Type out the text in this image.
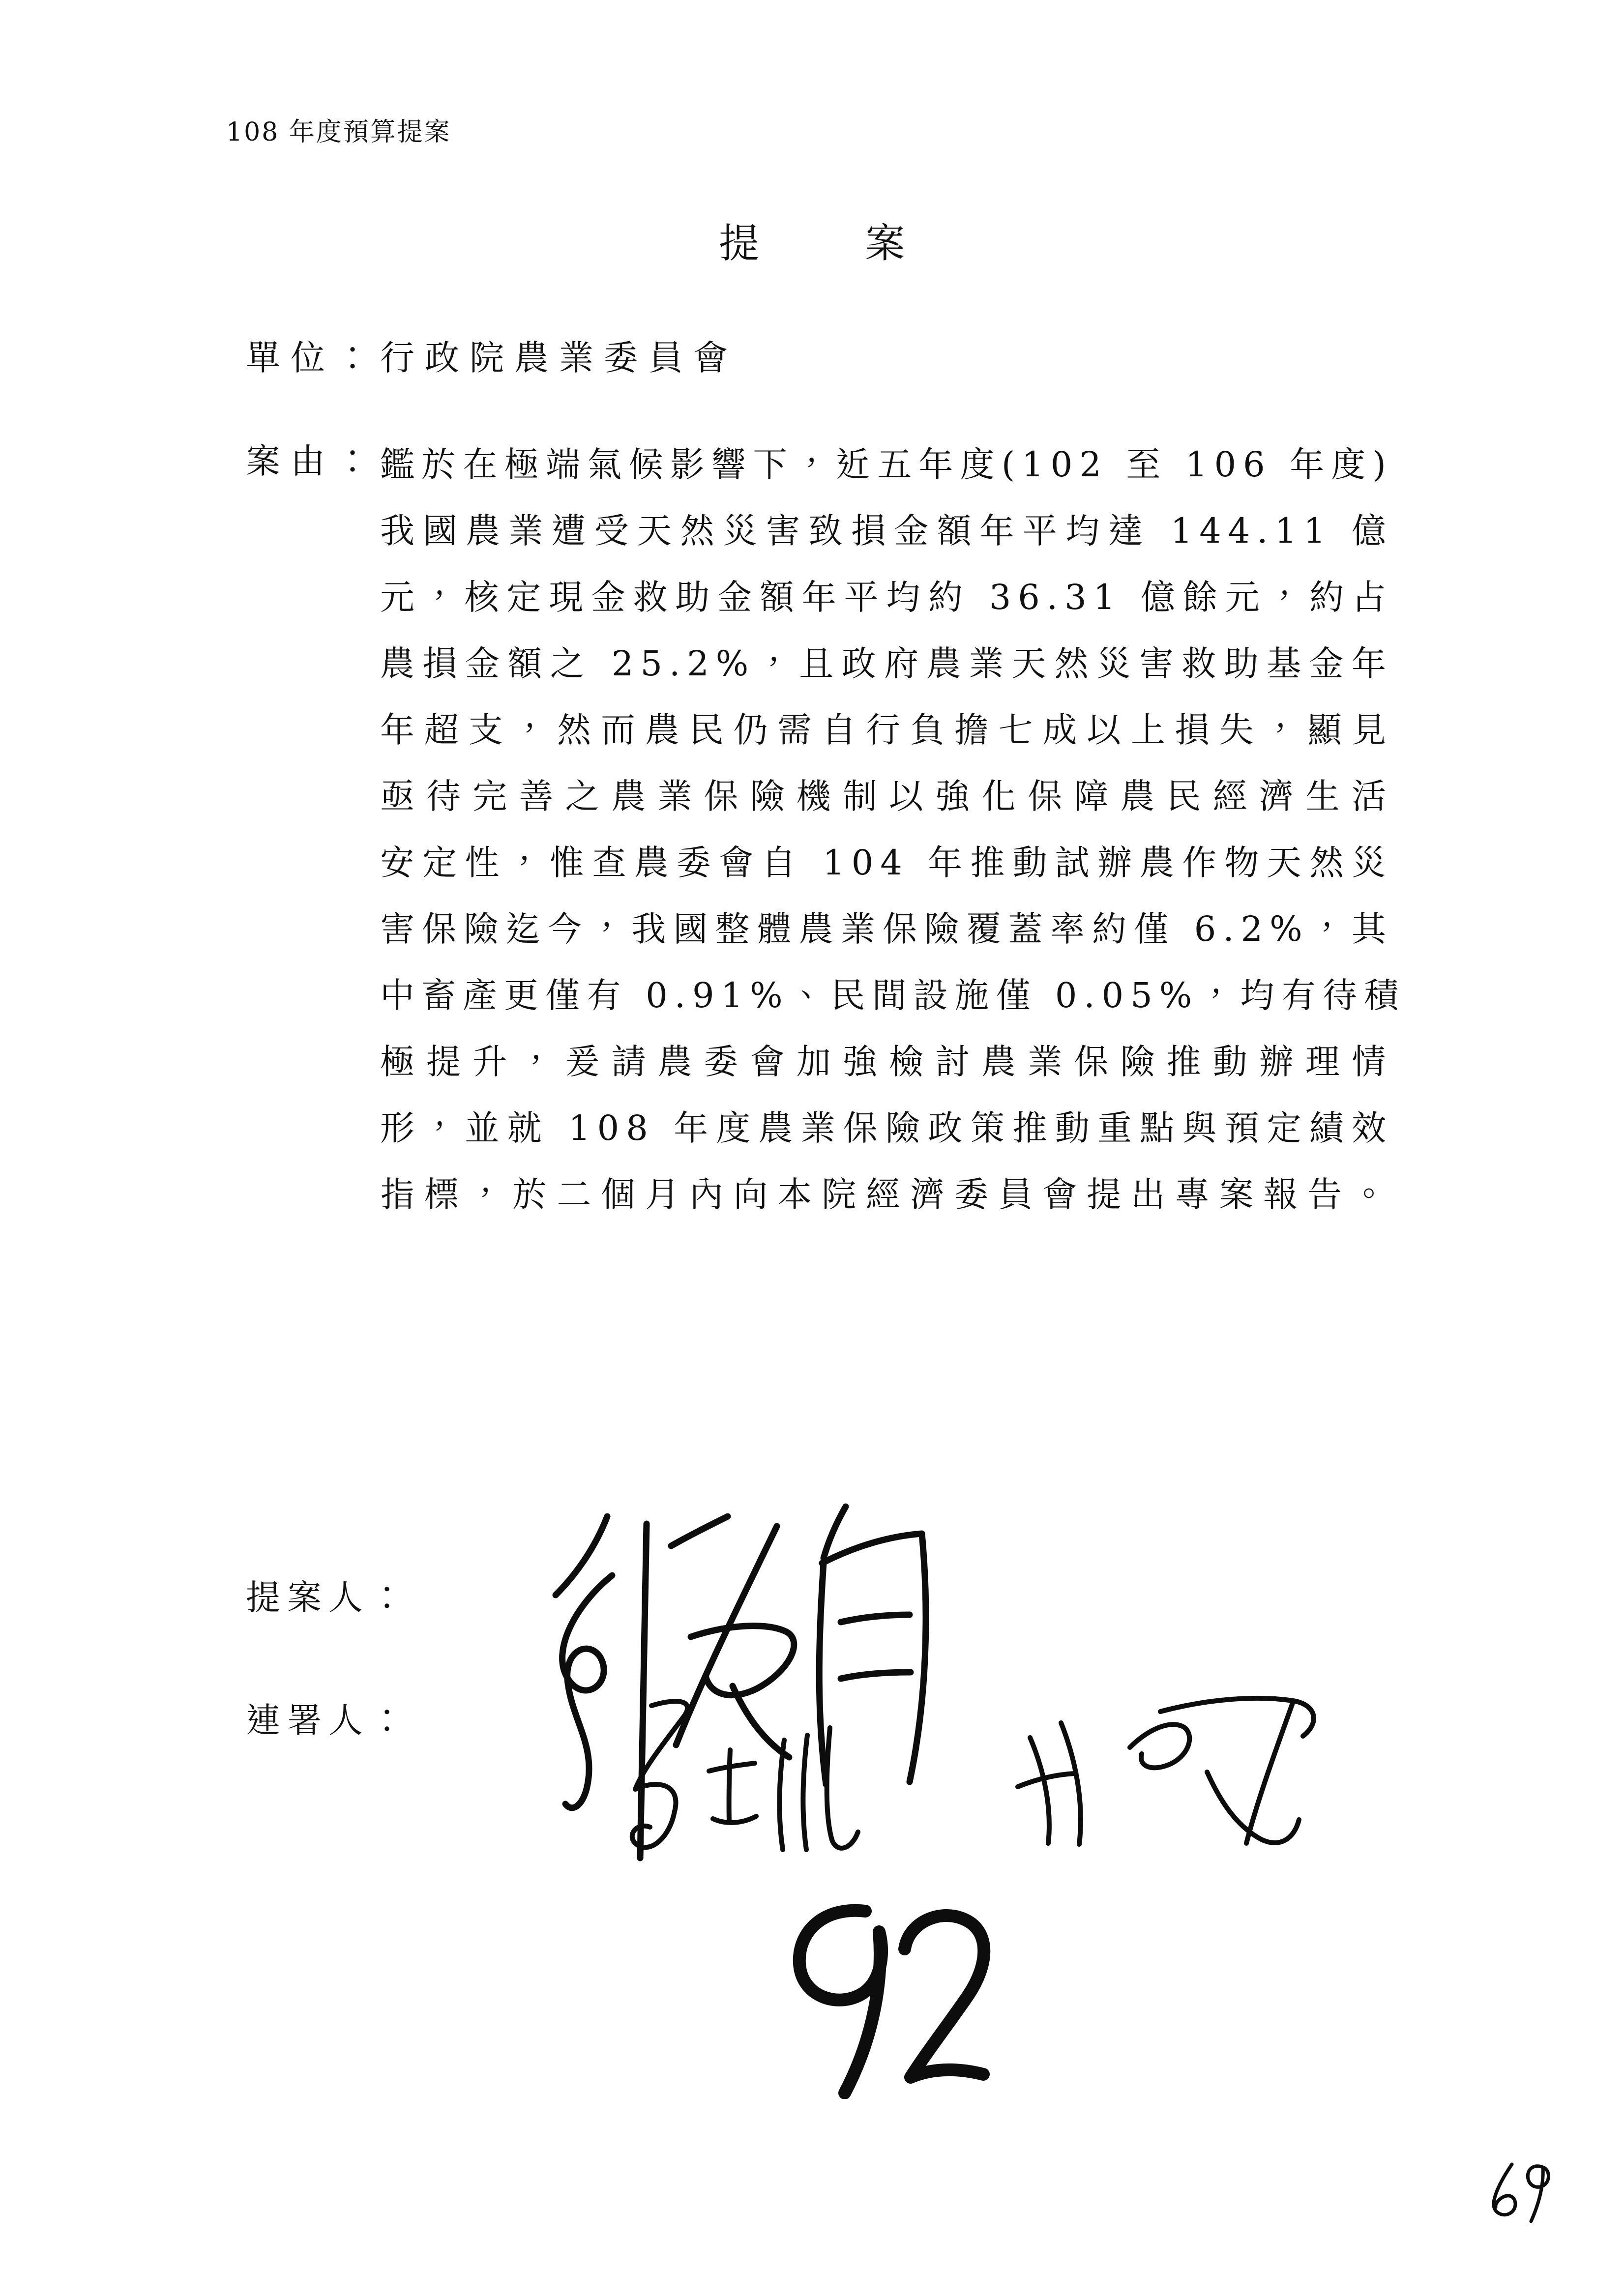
108 年度預算提案
提	案
單位：行政院農業委員會
案由： 鑑於在極端氣候影響下，近五年度(102 至 106 年度)
我國農業遭受天然災害致損金額年平均達 144.11 億
元，核定現金救助金額年平均約 36.31 億餘元，約占
農損金額之 25.2%，且政府農業天然災害救助基金年
年超支，然而農民仍需自行負擔七成以上損失，顯見
亟待完善之農業保險機制以強化保障農民經濟生活
安定性，惟查農委會自 104 年推動試辦農作物天然災
害保險迄今，我國整體農業保險覆蓋率約僅 6.2%，其
中畜產更僅有 0.91%、民間設施僅 0.05%，均有待積
極提升，爰請農委會加強檢討農業保險推動辦理情
形，並就 108 年度農業保險政策推動重點與預定績效
指標，於二個月內向本院經濟委員會提出專案報告。
提案人：
連署人：
